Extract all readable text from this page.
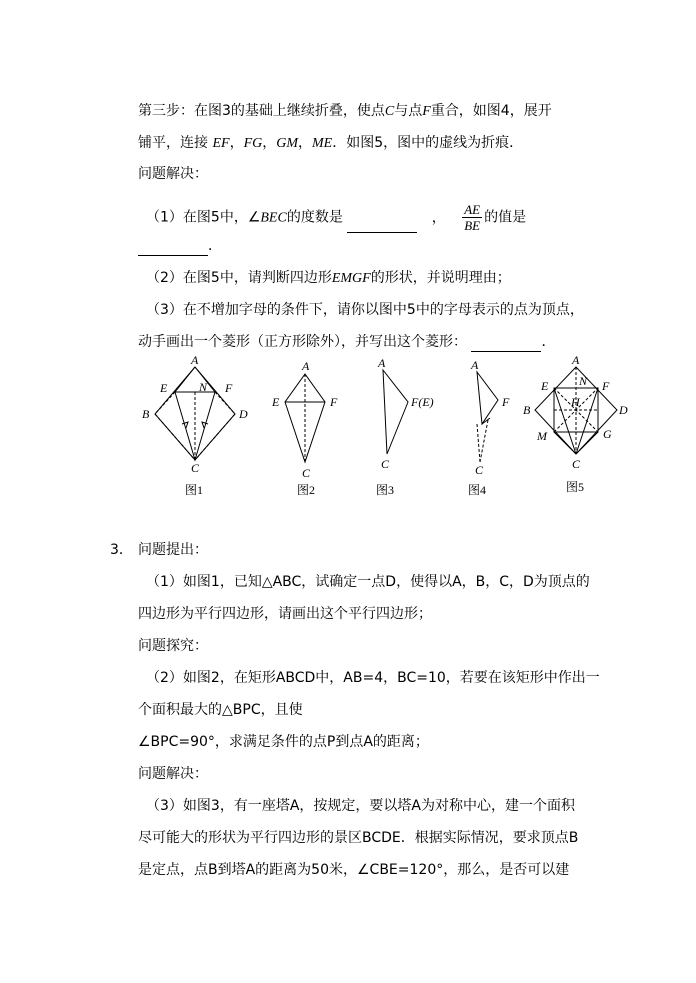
第三步：在图3的基础上继续折叠，使点C与点F重合，如图4，展开
铺平，连接 EF，FG，GM，ME．如图5，图中的虚线为折痕．
问题解决：
（1）在图5中，∠BEC的度数是	， $\frac{AE}{BE}$ 的值是
．
（2）在图5中，请判断四边形EMGF的形状，并说明理由；
（3）在不增加字母的条件下，请你以图中5中的字母表示的点为顶点，
动手画出一个菱形（正方形除外），并写出这个菱形：	．
A
E	N F
B	D
C
图1
A
E	F
C
图2
A
F(E)
C
图3
A
F
C
图4
A
E	N F
B
H
D
M	G
C
图5
3． 问题提出：
（1）如图1，已知△ABC，试确定一点D，使得以A，B，C，D为顶点的
四边形为平行四边形，请画出这个平行四边形；
问题探究：
（2）如图2，在矩形ABCD中，AB=4，BC=10，若要在该矩形中作出一
个面积最大的△BPC，且使
∠BPC=90°，求满足条件的点P到点A的距离；
问题解决：
（3）如图3，有一座塔A，按规定，要以塔A为对称中心，建一个面积
尽可能大的形状为平行四边形的景区BCDE．根据实际情况，要求顶点B
是定点，点B到塔A的距离为50米，∠CBE=120°，那么，是否可以建
